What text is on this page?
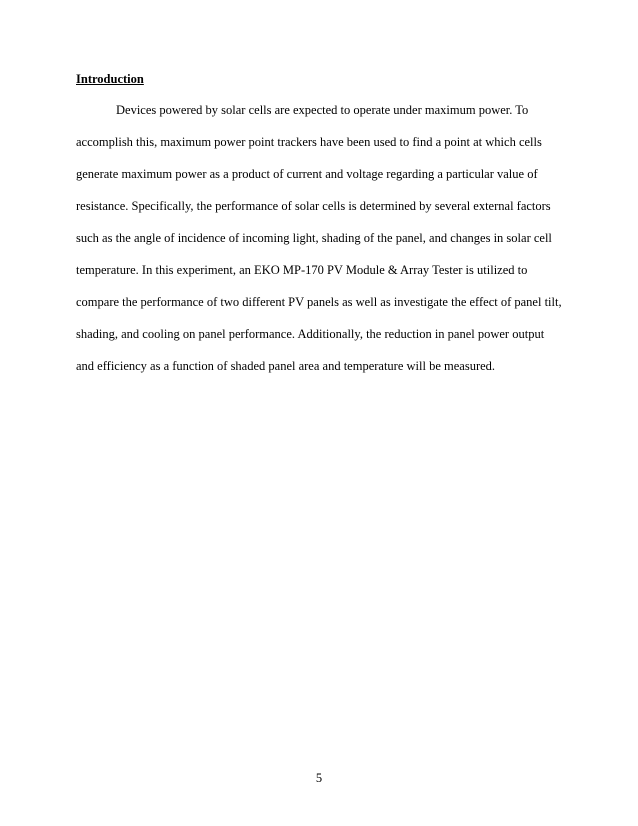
Introduction
Devices powered by solar cells are expected to operate under maximum power. To
accomplish this, maximum power point trackers have been used to find a point at which cells
generate maximum power as a product of current and voltage regarding a particular value of
resistance. Specifically, the performance of solar cells is determined by several external factors
such as the angle of incidence of incoming light, shading of the panel, and changes in solar cell
temperature. In this experiment, an EKO MP-170 PV Module & Array Tester is utilized to
compare the performance of two different PV panels as well as investigate the effect of panel tilt,
shading, and cooling on panel performance. Additionally, the reduction in panel power output
and efficiency as a function of shaded panel area and temperature will be measured.
5
